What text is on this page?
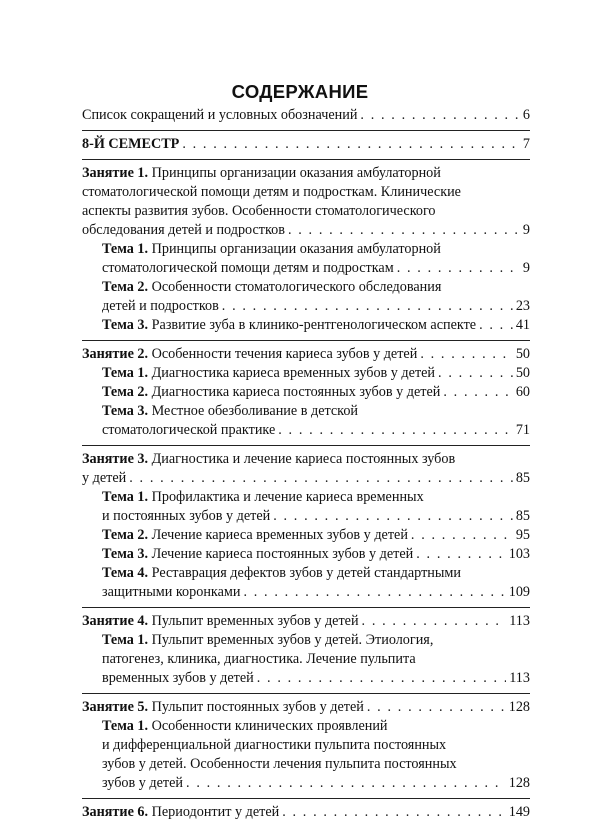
СОДЕРЖАНИЕ
Список сокращений и условных обозначений . . .	6
8-Й СЕМЕСТР . . .	7
Занятие 1. Принципы организации оказания амбулаторной
стоматологической помощи детям и подросткам. Клинические
аспекты развития зубов. Особенности стоматологического
обследования детей и подростков . . .	9
Тема 1. Принципы организации оказания амбулаторной
стоматологической помощи детям и подросткам . . .	9
Тема 2. Особенности стоматологического обследования
детей и подростков . . .	23
Тема 3. Развитие зуба в клинико-рентгенологическом аспекте . . .	41
Занятие 2. Особенности течения кариеса зубов у детей . . .	50
Тема 1. Диагностика кариеса временных зубов у детей . . .	50
Тема 2. Диагностика кариеса постоянных зубов у детей . . .	60
Тема 3. Местное обезболивание в детской
стоматологической практике . . .	71
Занятие 3. Диагностика и лечение кариеса постоянных зубов
у детей . . .	85
Тема 1. Профилактика и лечение кариеса временных
и постоянных зубов у детей . . .	85
Тема 2. Лечение кариеса временных зубов у детей . . .	95
Тема 3. Лечение кариеса постоянных зубов у детей . . .	103
Тема 4. Реставрация дефектов зубов у детей стандартными
защитными коронками . . .	109
Занятие 4. Пульпит временных зубов у детей . . .	113
Тема 1. Пульпит временных зубов у детей. Этиология,
патогенез, клиника, диагностика. Лечение пульпита
временных зубов у детей . . .	113
Занятие 5. Пульпит постоянных зубов у детей . . .	128
Тема 1. Особенности клинических проявлений
и дифференциальной диагностики пульпита постоянных
зубов у детей. Особенности лечения пульпита постоянных
зубов у детей . . .	128
Занятие 6. Периодонтит у детей . . .	149
